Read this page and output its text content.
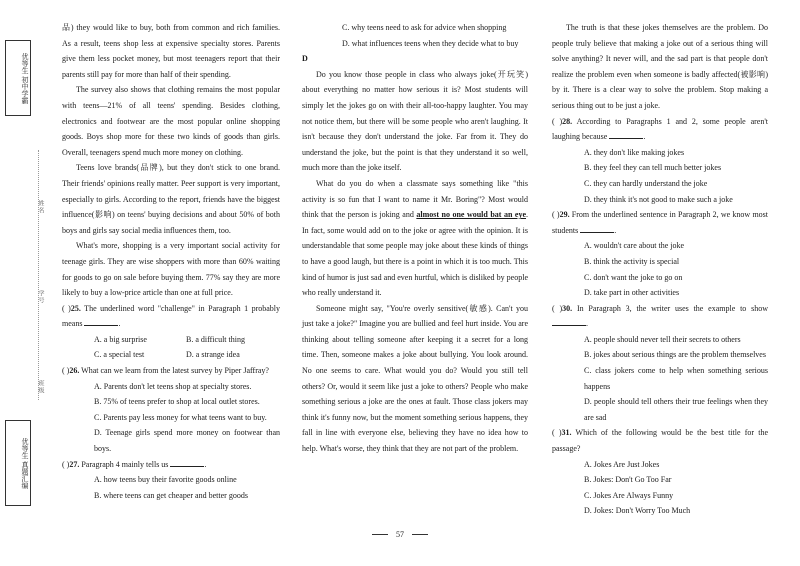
优等生 初中学霸
姓名
学号
班级
优等生 真题汇编

品) they would like to buy, both from common and rich families. As a result, teens shop less at expensive specialty stores. Parents give them less pocket money, but most teenagers report that their parents still pay for more than half of their spending.

The survey also shows that clothing remains the most popular with teens—21% of all teens' spending. Besides clothing, electronics and footwear are the most popular online shopping goods. Boys shop more for these two kinds of goods than girls. Overall, teenagers spend much more money on clothing.

Teens love brands(品牌), but they don't stick to one brand. Their friends' opinions really matter. Peer support is very important, especially to girls. According to the report, friends have the biggest influence(影响) on teens' buying decisions and about 50% of both boys and girls say social media influences them, too.

What's more, shopping is a very important social activity for teenage girls. They are wise shoppers with more than 60% waiting for goods to go on sale before buying them. 77% say they are more likely to buy a low-price article than one at full price.

( )25. The underlined word "challenge" in Paragraph 1 probably means	.

A. a big surprise	B. a difficult thing
C. a special test	D. a strange idea

( )26. What can we learn from the latest survey by Piper Jaffray?

A. Parents don't let teens shop at specialty stores.

B. 75% of teens prefer to shop at local outlet stores.

C. Parents pay less money for what teens want to buy.

D. Teenage girls spend more money on footwear than boys.

( )27. Paragraph 4 mainly tells us	.

A. how teens buy their favorite goods online

B. where teens can get cheaper and better goods

C. why teens need to ask for advice when shopping

D. what influences teens when they decide what to buy

D

Do you know those people in class who always joke(开玩笑) about everything no matter how serious it is? Most students will simply let the jokes go on with their all-too-happy laughter. You may not notice them, but there will be some people who aren't laughing. It isn't because they don't understand the joke. Far from it. They do understand the joke, but the point is that they understand it so well, much more than the joke itself.

What do you do when a classmate says something like "this activity is so fun that I want to name it Mr. Boring"? Most would think that the person is joking and almost no one would bat an eye. In fact, some would add on to the joke or agree with the opinion. It is understandable that some people may joke about these kinds of things to have a good laugh, but there is a point in which it is too much. This kind of humor is just sad and even hurtful, which is disliked by people who really understand it.

Someone might say, "You're overly sensitive(敏感). Can't you just take a joke?" Imagine you are bullied and feel hurt inside. You are thinking about telling someone after keeping it a secret for a long time. Then, someone makes a joke about bullying. You look around. No one seems to care. What would you do? Would you still tell others? Or, would it seem like just a joke to others? People who make something serious a joke are the ones at fault. Those class jokers may think it's funny now, but the moment something serious happens, they fall in line with everyone else, believing they have no idea how to help. What's worse, they think that they are not part of the problem.

The truth is that these jokes themselves are the problem. Do people truly believe that making a joke out of a serious thing will solve anything? It never will, and the sad part is that people don't realize the problem even when someone is badly affected(被影响) by it. There is a clear way to solve the problem. Stop making a serious thing out to be just a joke.

( )28. According to Paragraphs 1 and 2, some people aren't laughing because	.

A. they don't like making jokes

B. they feel they can tell much better jokes

C. they can hardly understand the joke

D. they think it's not good to make such a joke

( )29. From the underlined sentence in Paragraph 2, we know most students	.

A. wouldn't care about the joke

B. think the activity is special

C. don't want the joke to go on

D. take part in other activities

( )30. In Paragraph 3, the writer uses the example to show .

A. people should never tell their secrets to others

B. jokes about serious things are the problem themselves

C. class jokers come to help when something serious happens

D. people should tell others their true feelings when they are sad

( )31. Which of the following would be the best title for the passage?

A. Jokes Are Just Jokes

B. Jokes: Don't Go Too Far

C. Jokes Are Always Funny

D. Jokes: Don't Worry Too Much

57
